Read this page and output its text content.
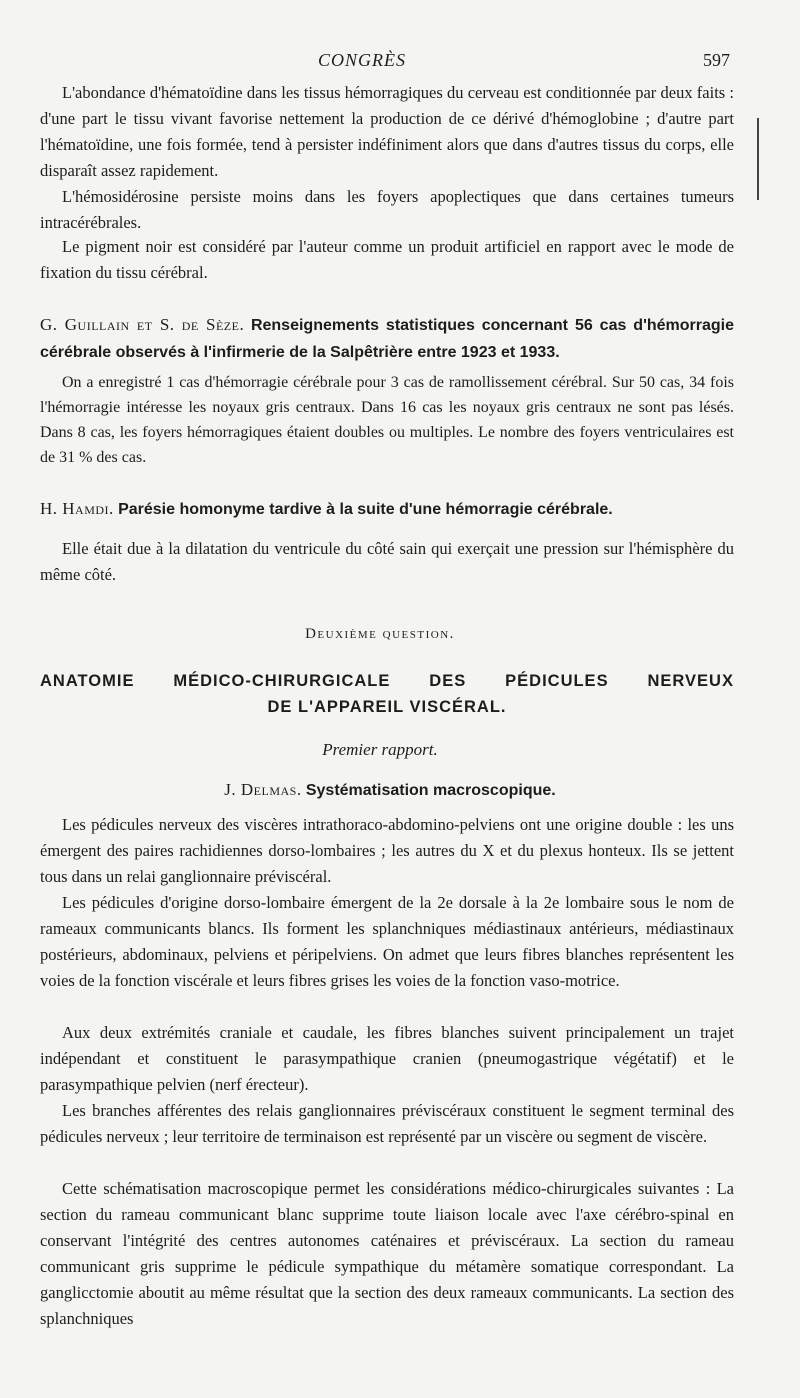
CONGRÈS	597

L'abondance d'hématoïdine dans les tissus hémorragiques du cerveau est conditionnée par deux faits : d'une part le tissu vivant favorise nettement la production de ce dérivé d'hémoglobine ; d'autre part l'hématoïdine, une fois formée, tend à persister indéfiniment alors que dans d'autres tissus du corps, elle disparaît assez rapidement.

L'hémosidérosine persiste moins dans les foyers apoplectiques que dans certaines tumeurs intracérébrales.

Le pigment noir est considéré par l'auteur comme un produit artificiel en rapport avec le mode de fixation du tissu cérébral.

G. Guillain et S. de Sèze. Renseignements statistiques concernant 56 cas d'hémorragie cérébrale observés à l'infirmerie de la Salpêtrière entre 1923 et 1933.

On a enregistré 1 cas d'hémorragie cérébrale pour 3 cas de ramollissement cérébral. Sur 50 cas, 34 fois l'hémorragie intéresse les noyaux gris centraux. Dans 16 cas les noyaux gris centraux ne sont pas lésés. Dans 8 cas, les foyers hémorragiques étaient doubles ou multiples. Le nombre des foyers ventriculaires est de 31 % des cas.

H. Hamdi. Parésie homonyme tardive à la suite d'une hémorragie cérébrale.

Elle était due à la dilatation du ventricule du côté sain qui exerçait une pression sur l'hémisphère du même côté.

Deuxième question.
ANATOMIE MÉDICO-CHIRURGICALE DES PÉDICULES NERVEUX
DE L'APPAREIL VISCÉRAL.
Premier rapport.
J. Delmas. Systématisation macroscopique.

Les pédicules nerveux des viscères intrathoraco-abdomino-pelviens ont une origine double : les uns émergent des paires rachidiennes dorso-lombaires ; les autres du X et du plexus honteux. Ils se jettent tous dans un relai ganglionnaire préviscéral.

Les pédicules d'origine dorso-lombaire émergent de la 2e dorsale à la 2e lombaire sous le nom de rameaux communicants blancs. Ils forment les splanchniques médiastinaux antérieurs, médiastinaux postérieurs, abdominaux, pelviens et péripelviens. On admet que leurs fibres blanches représentent les voies de la fonction viscérale et leurs fibres grises les voies de la fonction vaso-motrice.

Aux deux extrémités craniale et caudale, les fibres blanches suivent principalement un trajet indépendant et constituent le parasympathique cranien (pneumogastrique végétatif) et le parasympathique pelvien (nerf érecteur).

Les branches afférentes des relais ganglionnaires préviscéraux constituent le segment terminal des pédicules nerveux ; leur territoire de terminaison est représenté par un viscère ou segment de viscère.

Cette schématisation macroscopique permet les considérations médico-chirurgicales suivantes : La section du rameau communicant blanc supprime toute liaison locale avec l'axe cérébro-spinal en conservant l'intégrité des centres autonomes caténaires et préviscéraux. La section du rameau communicant gris supprime le pédicule sympathique du métamère somatique correspondant. La ganglicctomie aboutit au même résultat que la section des deux rameaux communicants. La section des splanchniques
